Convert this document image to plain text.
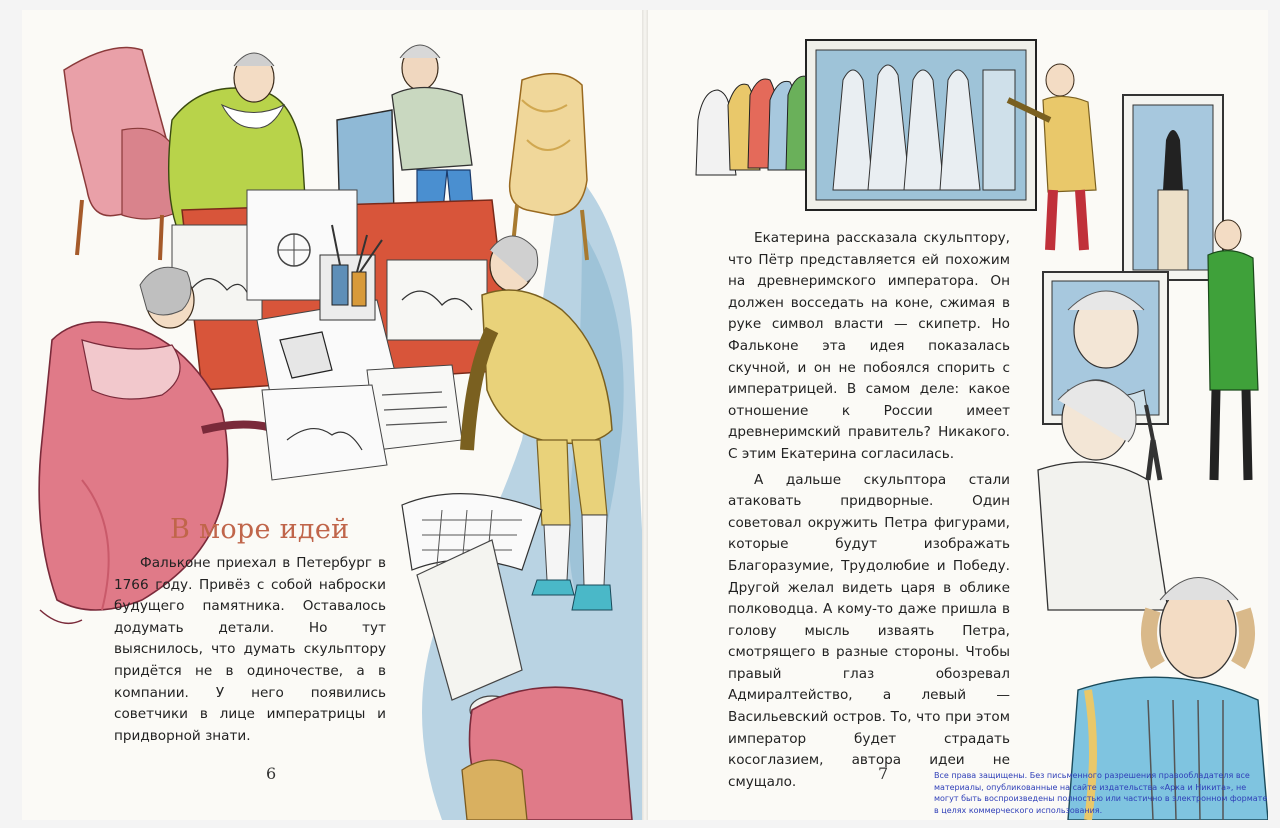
В море идей

Фальконе приехал в Петербург в 1766 году. Привёз с собой наброски будущего памятника. Оставалось додумать детали. Но тут выяснилось, что думать скульптору придётся не в одиночестве, а в компании. У него появились советчики в лице императрицы и придворной знати.

6

Екатерина рассказала скульптору, что Пётр представляется ей похожим на древнеримского императора. Он должен восседать на коне, сжимая в руке символ власти — скипетр. Но Фальконе эта идея показалась скучной, и он не побоялся спорить с императрицей. В самом деле: какое отношение к России имеет древнеримский правитель? Никакого. С этим Екатерина согласилась.

А дальше скульптора стали атаковать придворные. Один советовал окружить Петра фигурами, которые будут изображать Благоразумие, Трудолюбие и Победу. Другой желал видеть царя в облике полководца. А кому-то даже пришла в голову мысль изваять Петра, смотрящего в разные стороны. Чтобы правый глаз обозревал Адмиралтейство, а левый — Васильевский остров. То, что при этом император будет страдать косоглазием, автора идеи не смущало.	7	Все права защищены. Без письменного разрешения правообладателя все материалы, опубликованные на сайте издательства «Арка и Никита», не могут быть воспроизведены полностью или частично в электронном формате в целях коммерческого использования.
